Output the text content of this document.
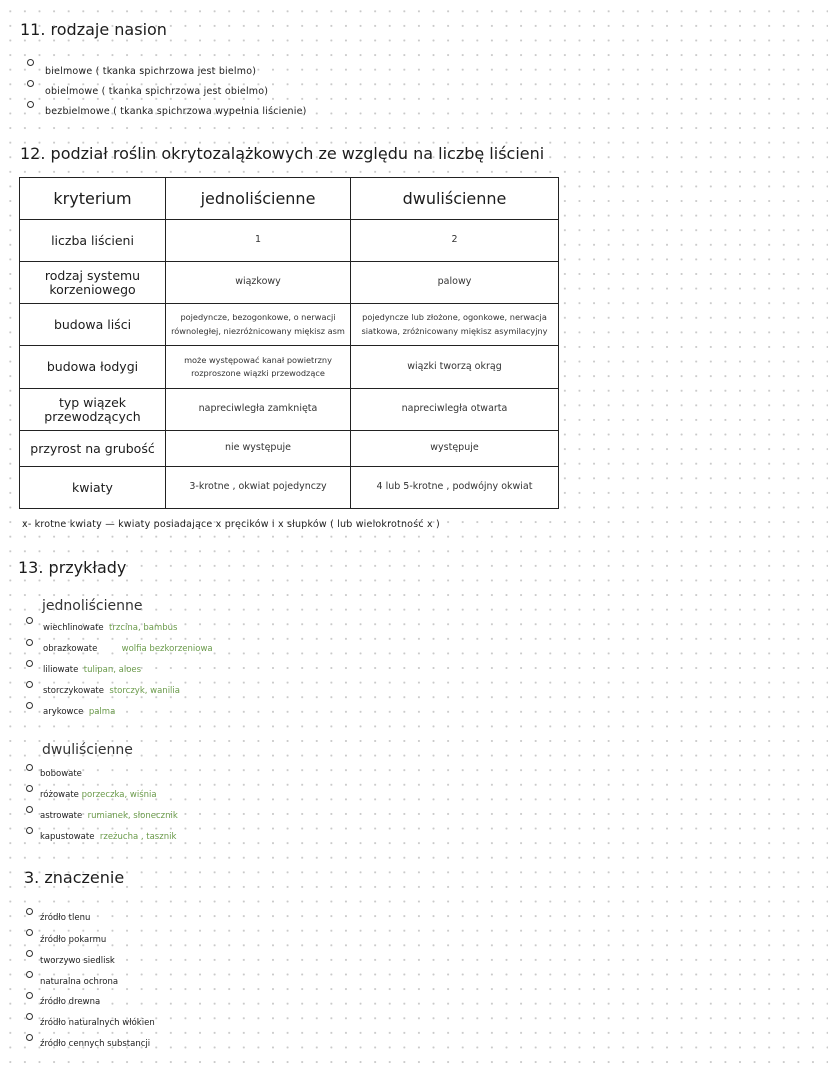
11. rodzaje nasion
bielmowe ( tkanka spichrzowa jest bielmo)
obielmowe ( tkanka spichrzowa jest obielmo)
bezbielmowe ( tkanka spichrzowa wypełnia liścienie)
12. podział roślin okrytozalążkowych ze względu na liczbę liścieni
kryterium	jednoliścienne	dwuliścienne
liczba liścieni	1	2
rodzaj systemu korzeniowego	wiązkowy	palowy
budowa liści	pojedyncze, bezogonkowe, o nerwacji równoległej, niezróżnicowany miękisz asm	pojedyncze lub złożone, ogonkowe, nerwacja siatkowa, zróżnicowany miękisz asymilacyjny
budowa łodygi	może występować kanał powietrzny rozproszone wiązki przewodzące	wiązki tworzą okrąg
typ wiązek przewodzących	napreciwległa zamknięta	napreciwległa otwarta
przyrost na grubość	nie występuje	występuje
kwiaty	3-krotne , okwiat pojedynczy	4 lub 5-krotne , podwójny okwiat
x- krotne kwiaty — kwiaty posiadające x pręcików i x słupków ( lub wielokrotność x )
13. przykłady
jednoliścienne
wiechlinowate trzcina, bambus
obrazkowate	wolfia bezkorzeniowa
liliowate tulipan, aloes
storczykowate storczyk, wanilia
arykowce palma
dwuliścienne
bobowate
różowate porzeczka, wiśnia
astrowate rumianek, słonecznik
kapustowate rzeżucha , tasznik
3. znaczenie
źródło tlenu
źródło pokarmu
tworzywo siedlisk
naturalna ochrona
źródło drewna
źródło naturalnych włókien
źródło cennych substancji
